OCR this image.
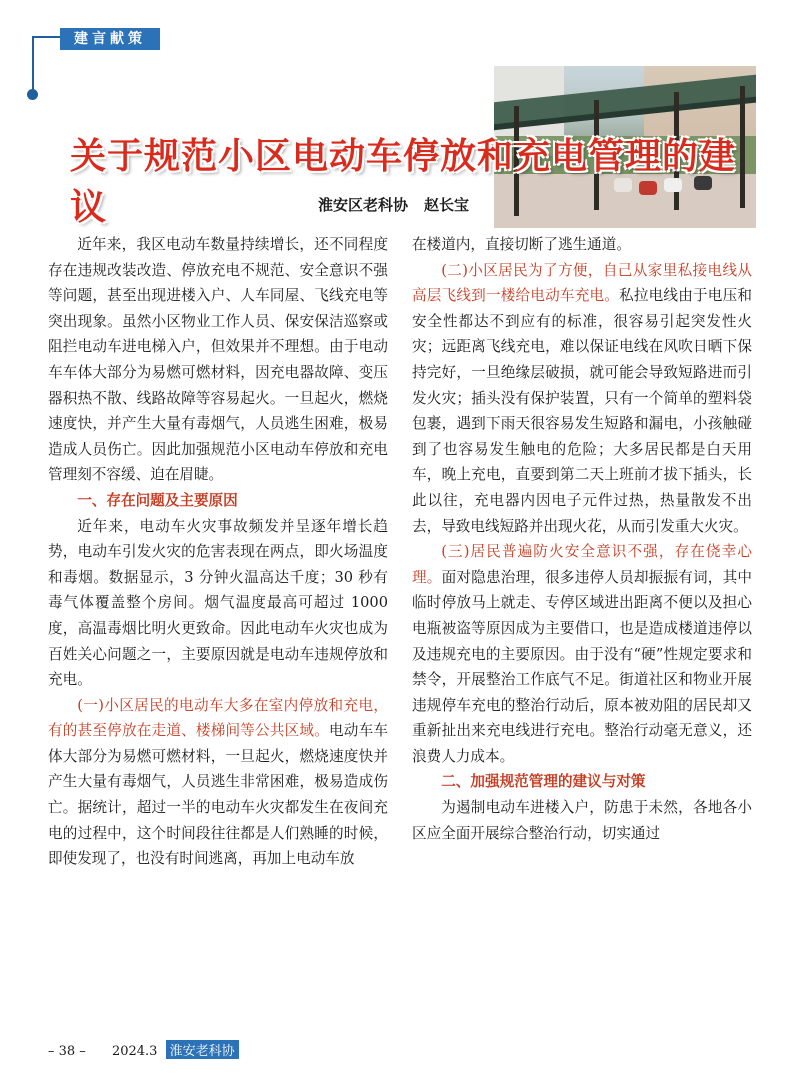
建言献策
关于规范小区电动车停放和充电管理的建议	淮安区老科协 赵长宝

近年来，我区电动车数量持续增长，还不同程度存在违规改装改造、停放充电不规范、安全意识不强等问题，甚至出现进楼入户、人车同屋、飞线充电等突出现象。虽然小区物业工作人员、保安保洁巡察或阻拦电动车进电梯入户，但效果并不理想。由于电动车车体大部分为易燃可燃材料，因充电器故障、变压器积热不散、线路故障等容易起火。一旦起火，燃烧速度快，并产生大量有毒烟气，人员逃生困难，极易造成人员伤亡。因此加强规范小区电动车停放和充电管理刻不容缓、迫在眉睫。

一、存在问题及主要原因

近年来，电动车火灾事故频发并呈逐年增长趋势，电动车引发火灾的危害表现在两点，即火场温度和毒烟。数据显示，3 分钟火温高达千度；30 秒有毒气体覆盖整个房间。烟气温度最高可超过 1000 度，高温毒烟比明火更致命。因此电动车火灾也成为百姓关心问题之一，主要原因就是电动车违规停放和充电。

(一)小区居民的电动车大多在室内停放和充电，有的甚至停放在走道、楼梯间等公共区域。电动车车体大部分为易燃可燃材料，一旦起火，燃烧速度快并产生大量有毒烟气，人员逃生非常困难，极易造成伤亡。据统计，超过一半的电动车火灾都发生在夜间充电的过程中，这个时间段往往都是人们熟睡的时候，即使发现了，也没有时间逃离，再加上电动车放

在楼道内，直接切断了逃生通道。

(二)小区居民为了方便，自己从家里私接电线从高层飞线到一楼给电动车充电。私拉电线由于电压和安全性都达不到应有的标准，很容易引起突发性火灾；远距离飞线充电，难以保证电线在风吹日晒下保持完好，一旦绝缘层破损，就可能会导致短路进而引发火灾；插头没有保护装置，只有一个简单的塑料袋包裹，遇到下雨天很容易发生短路和漏电，小孩触碰到了也容易发生触电的危险；大多居民都是白天用车，晚上充电，直要到第二天上班前才拔下插头，长此以往，充电器内因电子元件过热，热量散发不出去，导致电线短路并出现火花，从而引发重大火灾。

(三)居民普遍防火安全意识不强，存在侥幸心理。面对隐患治理，很多违停人员却振振有词，其中临时停放马上就走、专停区域进出距离不便以及担心电瓶被盗等原因成为主要借口，也是造成楼道违停以及违规充电的主要原因。由于没有“硬”性规定要求和禁令，开展整治工作底气不足。街道社区和物业开展违规停车充电的整治行动后，原本被劝阻的居民却又重新扯出来充电线进行充电。整治行动毫无意义，还浪费人力成本。

二、加强规范管理的建议与对策

为遏制电动车进楼入户，防患于未然，各地各小区应全面开展综合整治行动，切实通过

– 38 – 2024.3 淮安老科协
